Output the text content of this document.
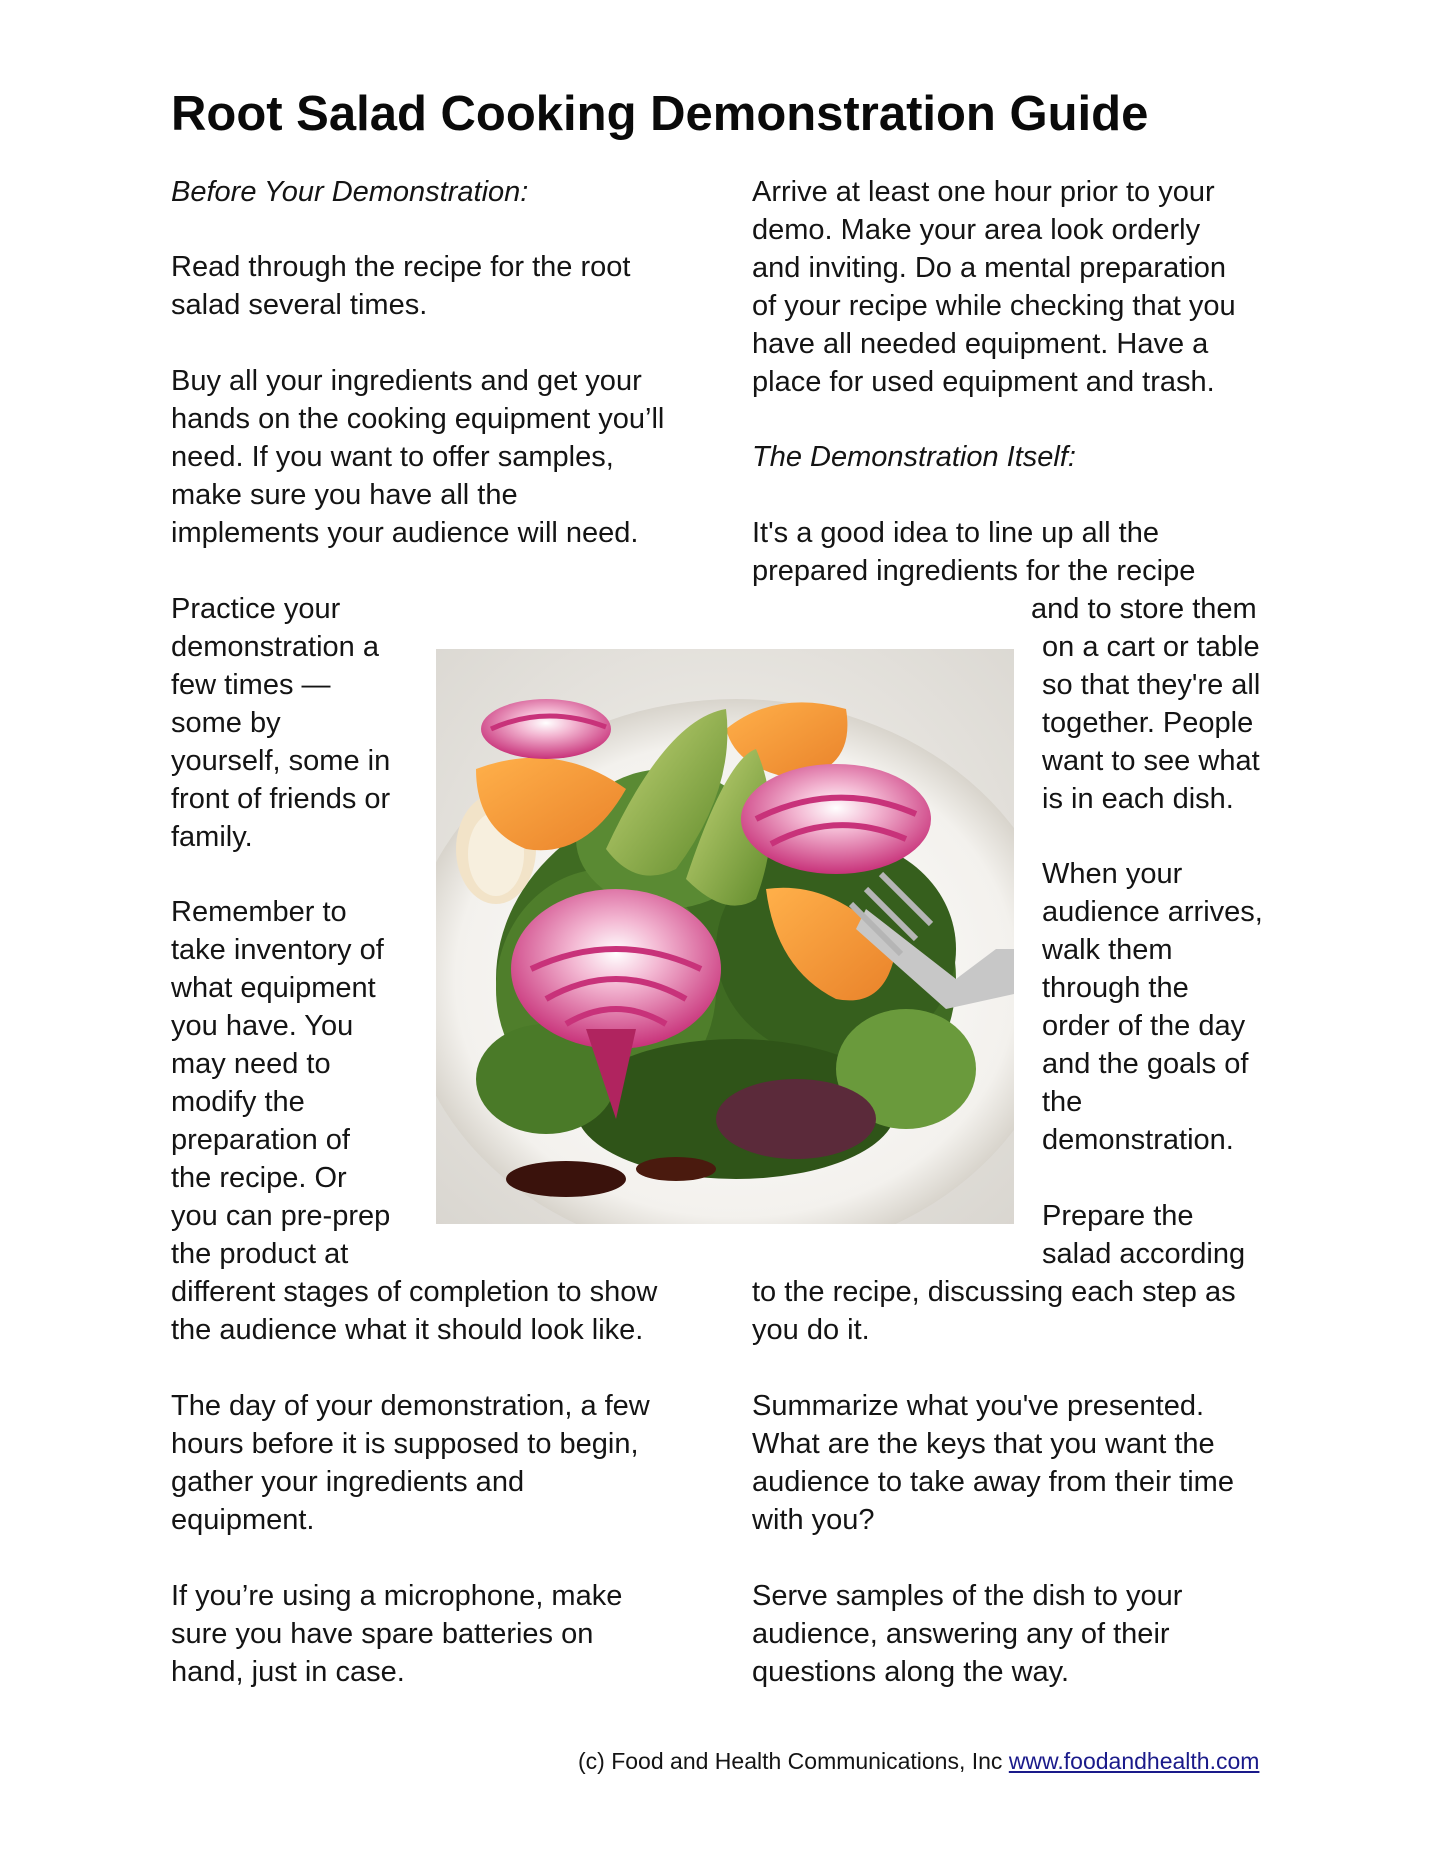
Root Salad Cooking Demonstration Guide
Before Your Demonstration:
Read through the recipe for the root
salad several times.
Buy all your ingredients and get your
hands on the cooking equipment you’ll
need. If you want to offer samples,
make sure you have all the
implements your audience will need.
Practice your
demonstration a
few times —
some by
yourself, some in
front of friends or
family.
Remember to
take inventory of
what equipment
you have. You
may need to
modify the
preparation of
the recipe. Or
you can pre-prep
the product at
different stages of completion to show
the audience what it should look like.
The day of your demonstration, a few
hours before it is supposed to begin,
gather your ingredients and
equipment.
If you’re using a microphone, make
sure you have spare batteries on
hand, just in case.
Arrive at least one hour prior to your
demo. Make your area look orderly
and inviting. Do a mental preparation
of your recipe while checking that you
have all needed equipment. Have a
place for used equipment and trash.
The Demonstration Itself:
It's a good idea to line up all the
prepared ingredients for the recipe
and to store them
on a cart or table
so that they're all
together. People
want to see what
is in each dish.
When your
audience arrives,
walk them
through the
order of the day
and the goals of
the
demonstration.
Prepare the
salad according
to the recipe, discussing each step as
you do it.
Summarize what you've presented.
What are the keys that you want the
audience to take away from their time
with you?
Serve samples of the dish to your
audience, answering any of their
questions along the way.
(c) Food and Health Communications, Inc www.foodandhealth.com
